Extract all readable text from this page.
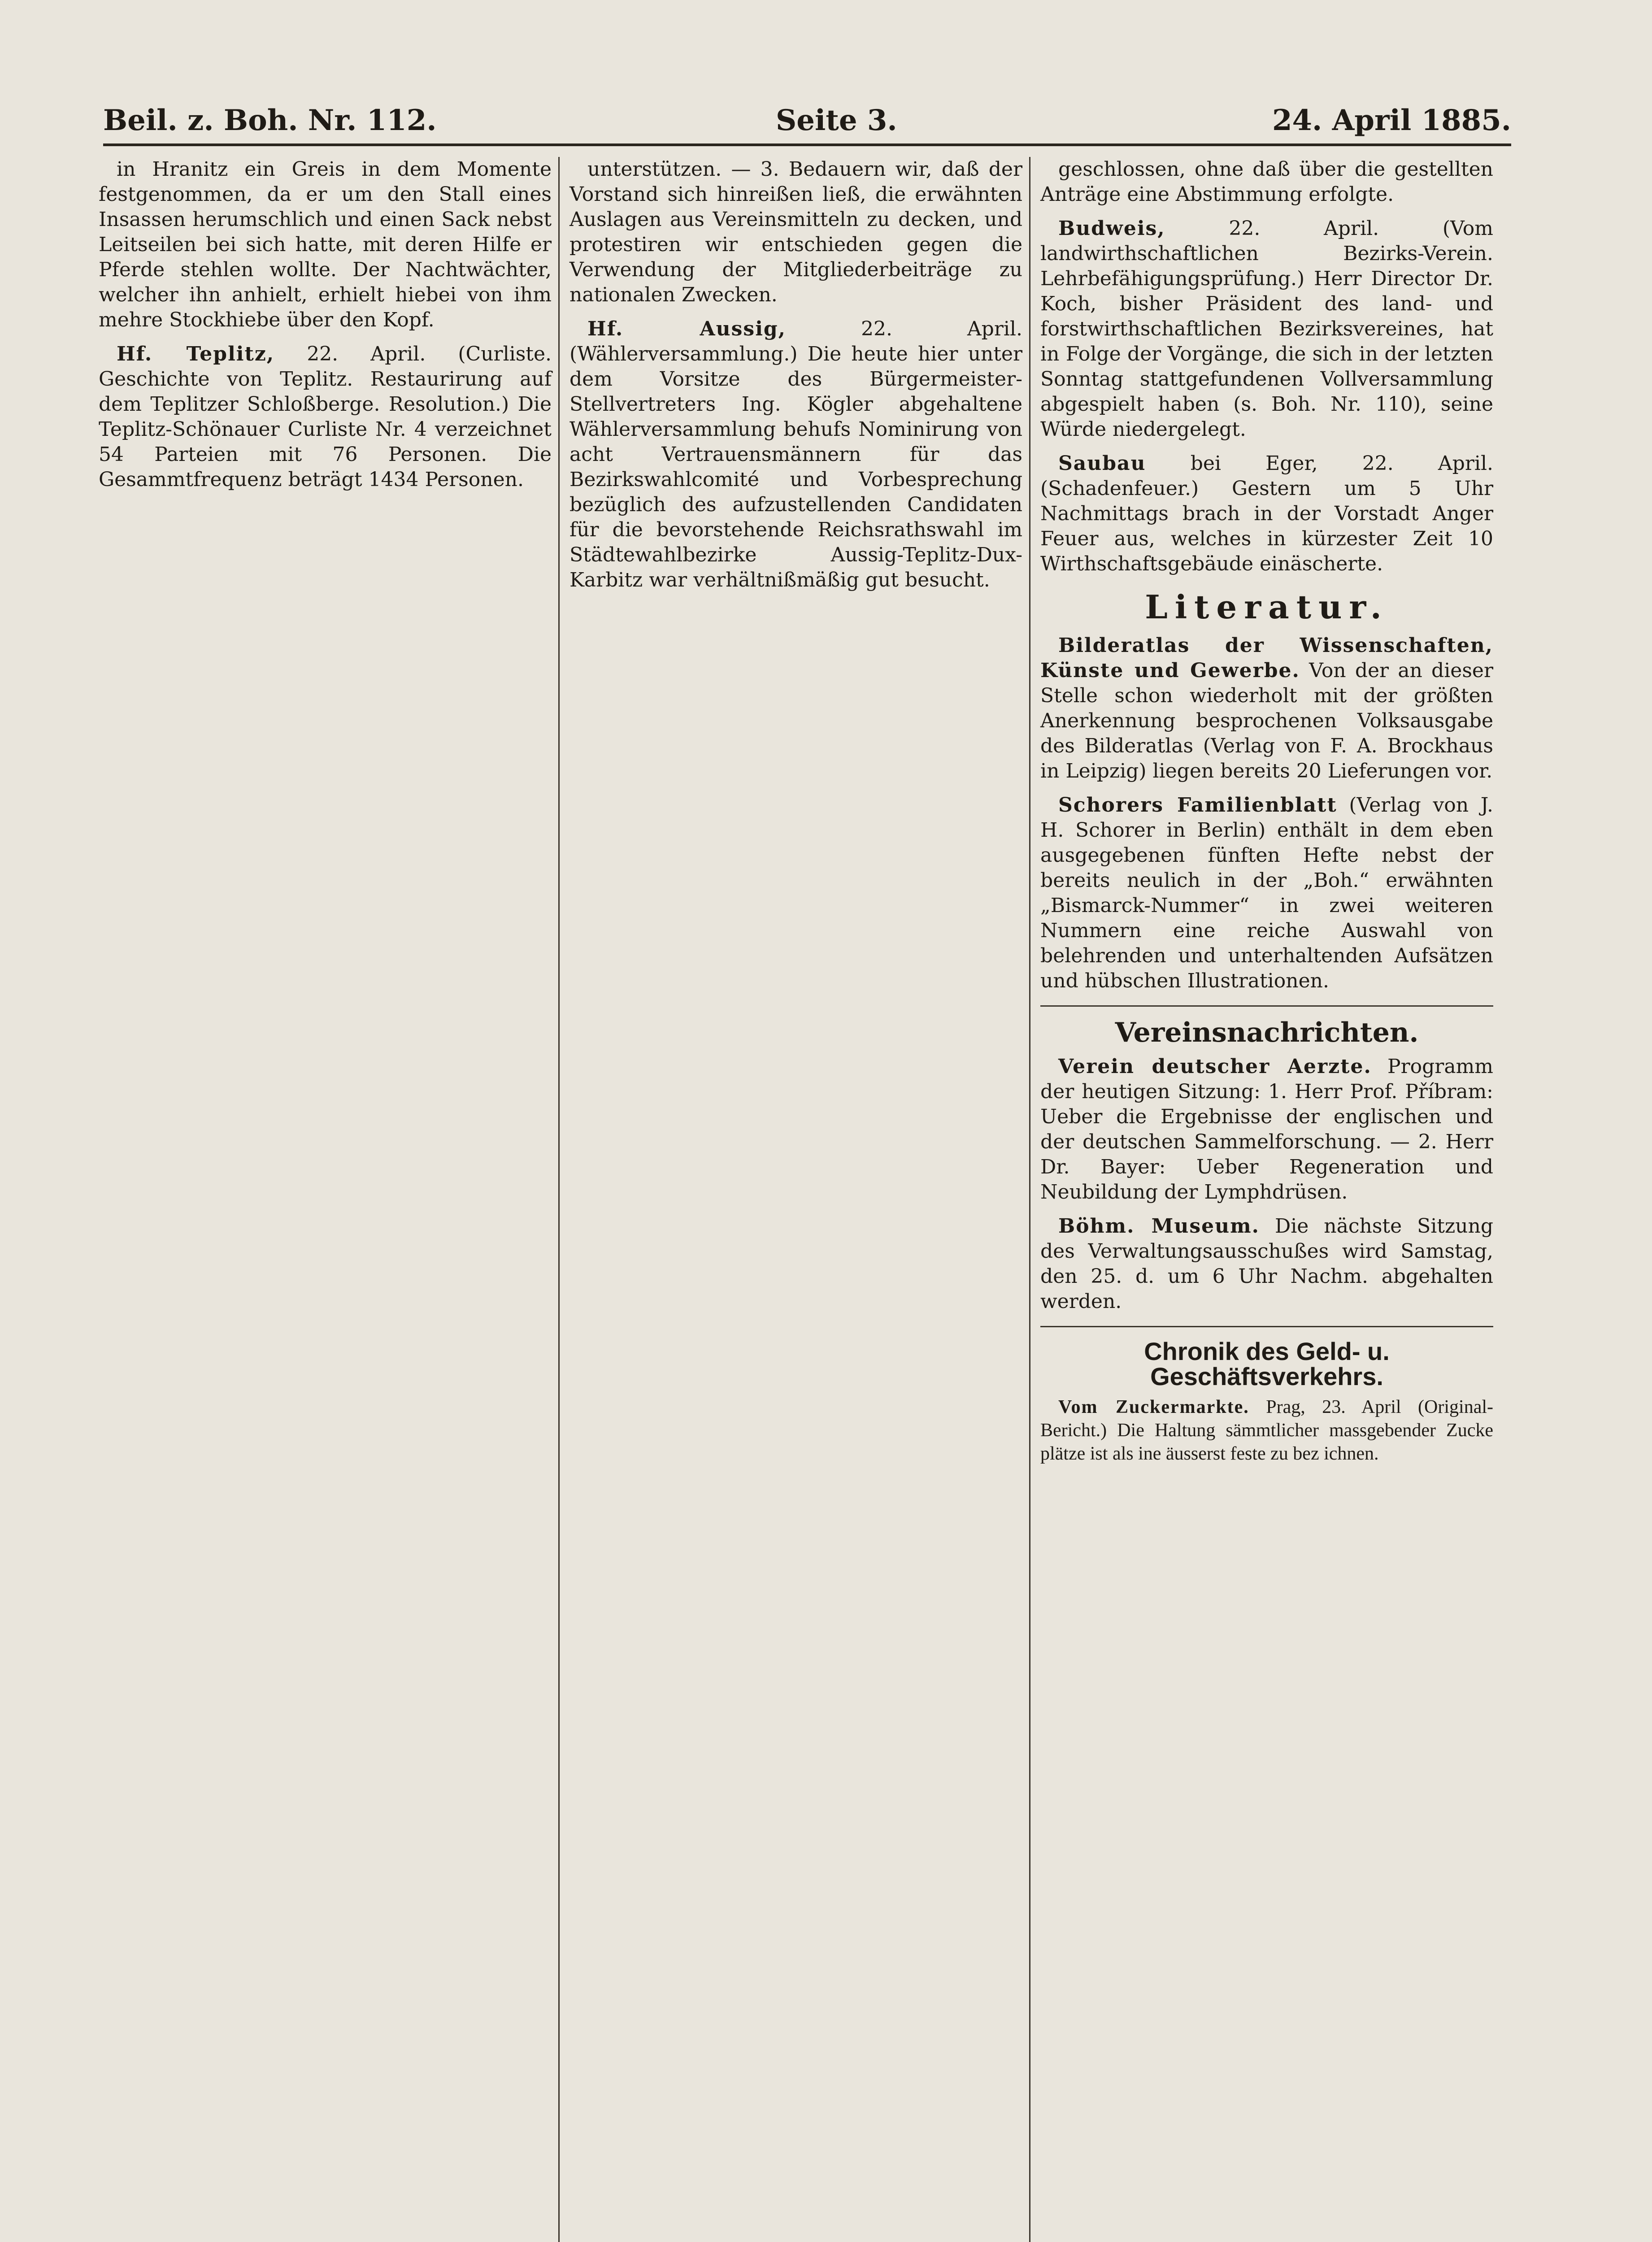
Beil. z. Boh. Nr. 112.	Seite 3.	24. April 1885.

in Hranitz ein Greis in dem Momente festgenommen, da er um den Stall eines Insassen herumschlich und einen Sack nebst Leitseilen bei sich hatte, mit deren Hilfe er Pferde stehlen wollte. Der Nachtwächter, welcher ihn anhielt, erhielt hiebei von ihm mehre Stockhiebe über den Kopf.

Hf. Teplitz, 22. April. (Curliste. Geschichte von Teplitz. Restaurirung auf dem Teplitzer Schloßberge. Resolution.) Die Teplitz-Schönauer Curliste Nr. 4 verzeichnet 54 Parteien mit 76 Personen. Die Gesammtfrequenz beträgt 1434 Personen.

unterstützen. — 3. Bedauern wir, daß der Vorstand sich hinreißen ließ, die erwähnten Auslagen aus Vereinsmitteln zu decken, und protestiren wir entschieden gegen die Verwendung der Mitgliederbeiträge zu nationalen Zwecken.

Hf. Aussig,	22. April. (Wählerversammlung.) Die heute hier unter dem Vorsitze des Bürgermeister-Stellvertreters Ing. Kögler abgehaltene Wählerversammlung behufs Nominirung von acht Vertrauensmännern für das Bezirkswahlcomité und Vorbesprechung bezüglich des aufzustellenden Candidaten für die bevorstehende Reichsrathswahl im Städtewahlbezirke Aussig-Teplitz-Dux-Karbitz war verhältnißmäßig gut besucht.

geschlossen, ohne daß über die gestellten Anträge eine Abstimmung erfolgte.

Budweis,	22. April.	(Vom landwirthschaftlichen Bezirks-Verein. Lehrbefähigungsprüfung.) Herr Director Dr. Koch, bisher Präsident des land- und forstwirthschaftlichen Bezirksvereines, hat in Folge der Vorgänge, die sich in der letzten Sonntag stattgefundenen Vollversammlung abgespielt haben (s. Boh. Nr. 110), seine Würde niedergelegt.

Saubau bei Eger, 22. April. (Schadenfeuer.) Gestern um 5 Uhr Nachmittags brach in der Vorstadt Anger Feuer aus, welches in kürzester Zeit 10 Wirthschaftsgebäude einäscherte.

Literatur.

Bilderatlas der Wissenschaften, Künste und Gewerbe. Von der an dieser Stelle schon wiederholt mit der größten Anerkennung besprochenen Volksausgabe des Bilderatlas (Verlag von F. A. Brockhaus in Leipzig) liegen bereits 20 Lieferungen vor.

Schorers Familienblatt (Verlag von J. H. Schorer in Berlin) enthält in dem eben ausgegebenen fünften Hefte nebst der bereits neulich in der „Boh.“ erwähnten „Bismarck-Nummer“ in zwei weiteren Nummern eine reiche Auswahl von belehrenden und unterhaltenden Aufsätzen und hübschen Illustrationen.

Vereinsnachrichten.

Verein deutscher Aerzte. Programm der heutigen Sitzung: 1. Herr Prof. Příbram: Ueber die Ergebnisse der englischen und der deutschen Sammelforschung. — 2. Herr Dr. Bayer: Ueber Regeneration und Neubildung der Lymphdrüsen.

Böhm. Museum. Die nächste Sitzung des Verwaltungsausschußes wird Samstag, den 25. d. um 6 Uhr Nachm. abgehalten werden.

Chronik des Geld- u. Geschäftsverkehrs.

Vom Zuckermarkte. Prag, 23. April (Original-Bericht.) Die Haltung sämmtlicher massgebender Zucke plätze ist als ine äusserst feste zu bez ichnen.
